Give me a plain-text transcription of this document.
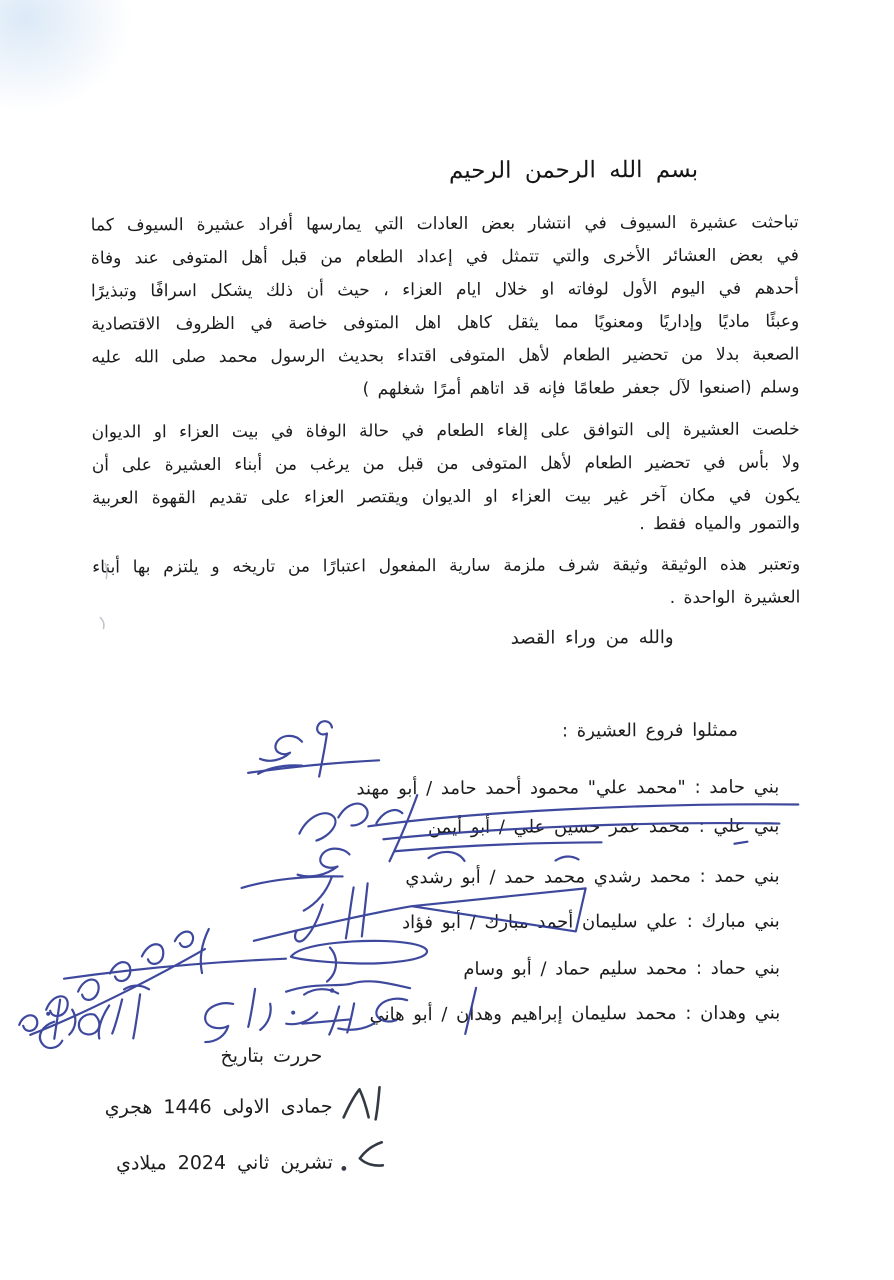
بسم الله الرحمن الرحيم
تباحثت عشيرة السيوف في انتشار بعض العادات التي يمارسها أفراد عشيرة السيوف كما
في بعض العشائر الأخرى والتي تتمثل في إعداد الطعام من قبل أهل المتوفى عند وفاة
أحدهم في اليوم الأول لوفاته او خلال ايام العزاء ، حيث أن ذلك يشكل اسرافًا وتبذيرًا
وعبئًا ماديًا وإداريًا ومعنويًا مما يثقل كاهل اهل المتوفى خاصة في الظروف الاقتصادية
الصعبة بدلا من تحضير الطعام لأهل المتوفى اقتداء بحديث الرسول محمد صلى الله عليه
وسلم (اصنعوا لآل جعفر طعامًا فإنه قد اتاهم أمرًا شغلهم )
خلصت العشيرة إلى التوافق على إلغاء الطعام في حالة الوفاة في بيت العزاء او الديوان
ولا بأس في تحضير الطعام لأهل المتوفى من قبل من يرغب من أبناء العشيرة على أن
يكون في مكان آخر غير بيت العزاء او الديوان ويقتصر العزاء على تقديم القهوة العربية
والتمور والمياه فقط .
وتعتبر هذه الوثيقة وثيقة شرف ملزمة سارية المفعول اعتبارًا من تاريخه و يلتزم بها أبناء
العشيرة الواحدة .
والله من وراء القصد
ممثلوا فروع العشيرة :
بني حامد : "محمد علي" محمود أحمد حامد / أبو مهند
بني علي : محمد عمر حسين علي / أبو أيمن
بني حمد : محمد رشدي محمد حمد / أبو رشدي
بني مبارك : علي سليمان أحمد مبارك / أبو فؤاد
بني حماد : محمد سليم حماد / أبو وسام
بني وهدان : محمد سليمان إبراهيم وهدان / أبو هاني
حررت بتاريخ
جمادى الاولى 1446 هجري
تشرين ثاني 2024 ميلادي
